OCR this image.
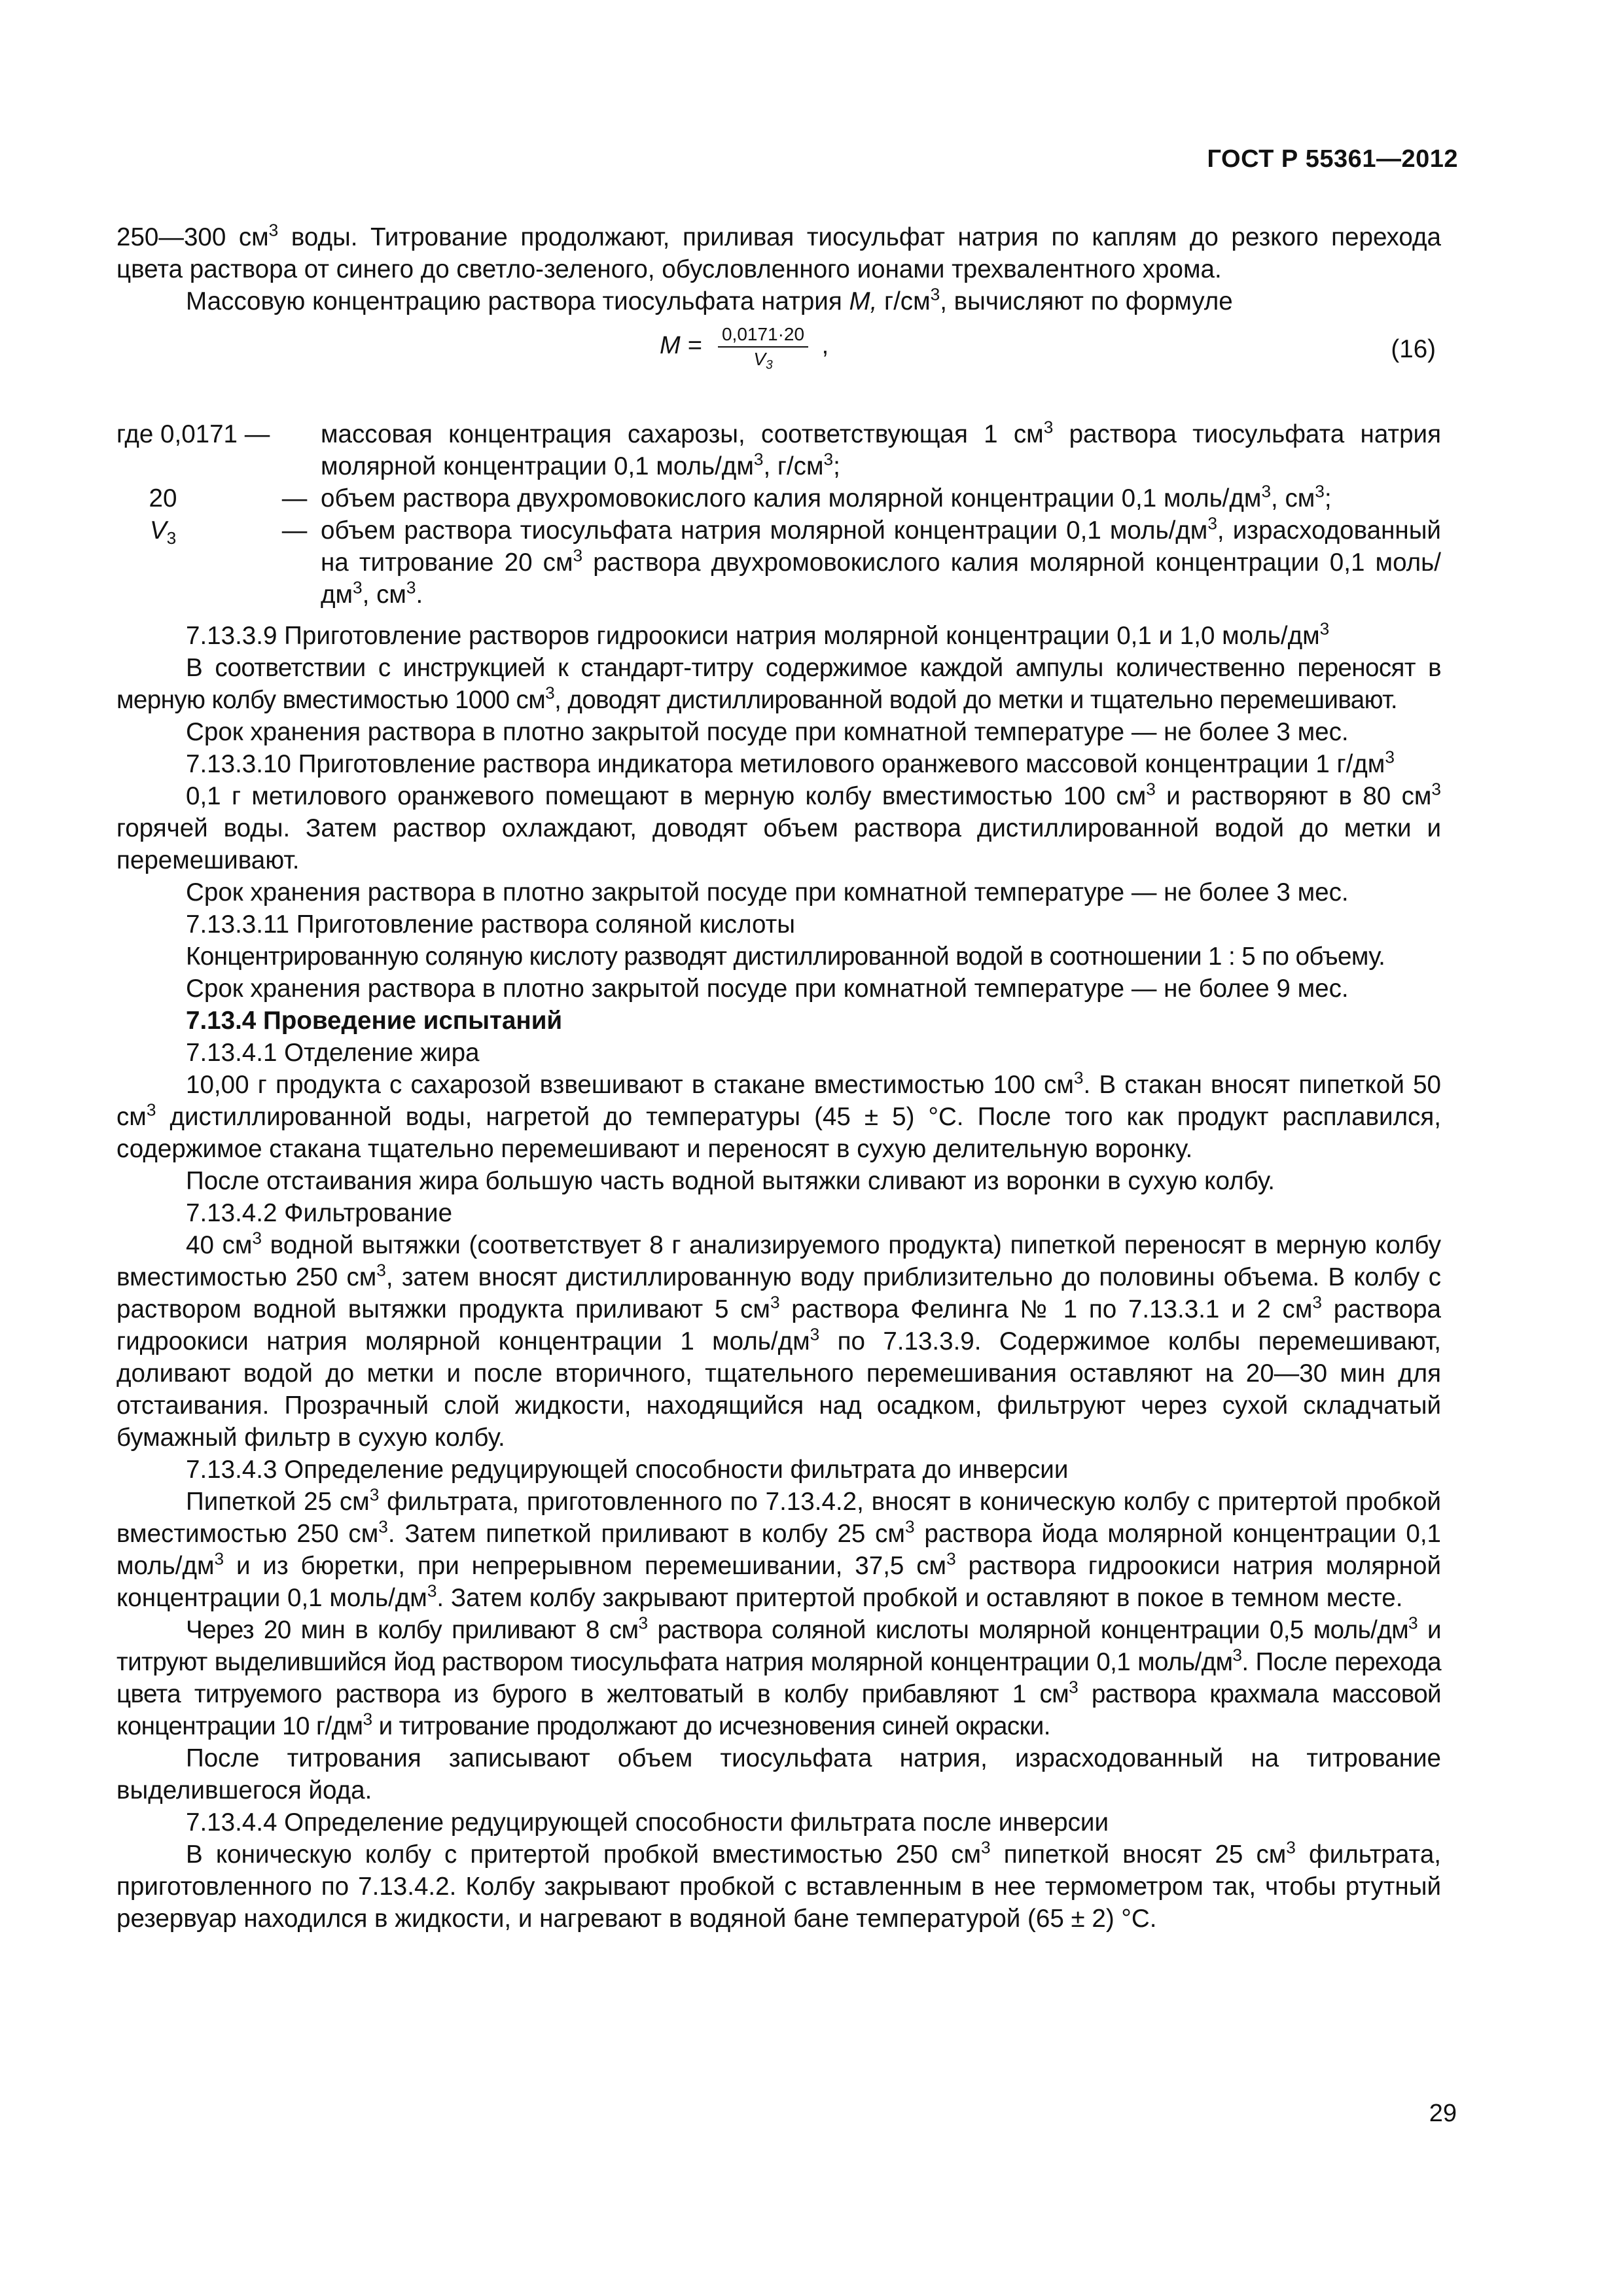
ГОСТ Р 55361—2012

250—300 $см^3$ воды. Титрование продолжают, приливая тиосульфат натрия по каплям до резкого перехода цвета раствора от синего до светло-зеленого, обусловленного ионами трехвалентного хрома.

Массовую концентрацию раствора тиосульфата натрия M, $г/см^3$, вычисляют по формуле

$M = \frac{0,0171\cdot 20}{V_3}$ ,	(16)
где 0,0171 —	массовая концентрация сахарозы, соответствующая 1 $см^3$ раствора тиосульфата натрия молярной концентрации 0,1 моль/$дм^3$, $г/см^3$;
20	— объем раствора двухромовокислого калия молярной концентрации 0,1 моль/$дм^3$, $см^3$;
$V_3$	— объем раствора тиосульфата натрия молярной концентрации 0,1 моль/$дм^3$, израсходованный на титрование 20 $см^3$ раствора двухромовокислого калия молярной концентрации 0,1 моль/$дм^3$, $см^3$.

7.13.3.9 Приготовление растворов гидроокиси натрия молярной концентрации 0,1 и 1,0 моль/$дм^3$

В соответствии с инструкцией к стандарт-титру содержимое каждой ампулы количественно переносят в мерную колбу вместимостью 1000 $см^3$, доводят дистиллированной водой до метки и тщательно перемешивают.

Срок хранения раствора в плотно закрытой посуде при комнатной температуре — не более 3 мес.

7.13.3.10 Приготовление раствора индикатора метилового оранжевого массовой концентрации 1 $г/дм^3$

0,1 г метилового оранжевого помещают в мерную колбу вместимостью 100 $см^3$ и растворяют в 80 $см^3$ горячей воды. Затем раствор охлаждают, доводят объем раствора дистиллированной водой до метки и перемешивают.

Срок хранения раствора в плотно закрытой посуде при комнатной температуре — не более 3 мес.

7.13.3.11 Приготовление раствора соляной кислоты

Концентрированную соляную кислоту разводят дистиллированной водой в соотношении 1 : 5 по объему.

Срок хранения раствора в плотно закрытой посуде при комнатной температуре — не более 9 мес.

7.13.4 Проведение испытаний

7.13.4.1 Отделение жира

10,00 г продукта с сахарозой взвешивают в стакане вместимостью 100 $см^3$. В стакан вносят пипеткой 50 $см^3$ дистиллированной воды, нагретой до температуры (45 ± 5) °С. После того как продукт расплавился, содержимое стакана тщательно перемешивают и переносят в сухую делительную воронку.

После отстаивания жира большую часть водной вытяжки сливают из воронки в сухую колбу.

7.13.4.2 Фильтрование

40 $см^3$ водной вытяжки (соответствует 8 г анализируемого продукта) пипеткой переносят в мерную колбу вместимостью 250 $см^3$, затем вносят дистиллированную воду приблизительно до половины объема. В колбу с раствором водной вытяжки продукта приливают 5 $см^3$ раствора Фелинга № 1 по 7.13.3.1 и 2 $см^3$ раствора гидроокиси натрия молярной концентрации 1 моль/$дм^3$ по 7.13.3.9. Содержимое колбы перемешивают, доливают водой до метки и после вторичного, тщательного перемешивания оставляют на 20—30 мин для отстаивания. Прозрачный слой жидкости, находящийся над осадком, фильтруют через сухой складчатый бумажный фильтр в сухую колбу.

7.13.4.3 Определение редуцирующей способности фильтрата до инверсии

Пипеткой 25 $см^3$ фильтрата, приготовленного по 7.13.4.2, вносят в коническую колбу с притертой пробкой вместимостью 250 $см^3$. Затем пипеткой приливают в колбу 25 $см^3$ раствора йода молярной концентрации 0,1 моль/$дм^3$ и из бюретки, при непрерывном перемешивании, 37,5 $см^3$ раствора гидроокиси натрия молярной концентрации 0,1 моль/$дм^3$. Затем колбу закрывают притертой пробкой и оставляют в покое в темном месте.

Через 20 мин в колбу приливают 8 $см^3$ раствора соляной кислоты молярной концентрации 0,5 моль/$дм^3$ и титруют выделившийся йод раствором тиосульфата натрия молярной концентрации 0,1 моль/$дм^3$. После перехода цвета титруемого раствора из бурого в желтоватый в колбу прибавляют 1 $см^3$ раствора крахмала массовой концентрации 10 $г/дм^3$ и титрование продолжают до исчезновения синей окраски.

После титрования записывают объем тиосульфата натрия, израсходованный на титрование выделившегося йода.

7.13.4.4 Определение редуцирующей способности фильтрата после инверсии

В коническую колбу с притертой пробкой вместимостью 250 $см^3$ пипеткой вносят 25 $см^3$ фильтрата, приготовленного по 7.13.4.2. Колбу закрывают пробкой с вставленным в нее термометром так, чтобы ртутный резервуар находился в жидкости, и нагревают в водяной бане температурой (65 ± 2) °С.

29
